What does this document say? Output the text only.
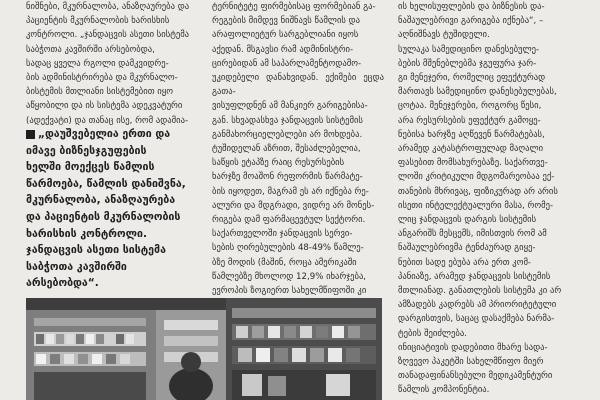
ნიშნები, მკურნალობა, ანაზღაურება და

პაციენტის მკურნალობის ხარისხის

კონტროლი. „ჯანდაცვის ასეთი სისტემა

საბჭოთა კავშირში არსებობდა,

სადაც ყველა რგოლი დამკვიდრე-

ბის ადმინისტრირება და მკურნალო-

ბისტემის მთლიანი სისტემებით იყო

აწყობილი და ის სისტემა ადეკვატური

(ადექვატი) და თანაც ისე, რომ ადამია-

„დაუშვებელია ერთი და
იმავე ბიზნესჯგუფების
ხელში მოექცეს წამლის
წარმოება, წამლის დანიშვნა,
მკურნალობა, ანაზღაურება
და პაციენტის მკურნალობის
ხარისხის კონტროლი.
ჯანდაცვის ასეთი სისტემა
საბჭოთა კავშირში
არსებობდა“.

ტერნიტეტე ფირმებისაც ფორმებიან გა-

რეგების მიმდევ ნიშნავს წამლის და

არაფოლიეტურ სარგებლიანი იყოს

აქედან. მსგავსი რამ ადმინისტრი-

ცირებიდან ამ საპარლამენტოდამო-

უკიდებელი დანახვიდან. ექიმები ეცდა გათა-

ვისუფლდნენ ამ მანკიერ გარიგებისა-

გან. სხვადასხვა ჯანდაცვის სისტემის

განმახორციელებლები არ მოხდება.

ტუშიდელან აზრით, შესაძლებელია,

საწყის ეტაპზე რაიც რესურსების

ხარჯზე მოაშონ რეფორმის წარმატე-

ბის იყოდეთ, მაგრამ ეს არ იქნება რე-

ალური და მდგრადი, ვიდრე არ მონეს-

რიგება დამ ფარმაცევტულ სექტორი.

საქართველოში ჯანდაცვის სერვი-

სების ღირებულების 48-49% წამლე-

ბზე მოდის (მაშინ, როცა ამერიკაში

წამლებზე მხოლოდ 12,9% იხარჯება,

ევროპის ზოგიერთ სახელმწიფოში კი

ის ხელისუფლების და ბიზნესის და-

ნაშაულებრივი გარიგება იქნება“, –

აღნიშნავს ტუშიდელი.

სულაკა სამედიცინო დანესებულე-

ბების მშენებლებმა ჯგუფურა ჯარ-

გი მენეჯერი, რომელიც ეფექტურად

მართავს სამედიცინო დანესებულებას,

ცოტაა. მენეჯერები, როგორც წესი,

არა რესურსების ეფექტურ გამოყე-

ნებისა ხარჯზე აღწევენ წარმატებას,

არამედ კატასტროფულად მაღალი

ფასებით მომსახურებაზე. საქართვე-

ლოში კრიტიკული მდგომარეობაა ექ-

თანების მხრივაც, ფიზიკურად არ არის

ისეთი ინტელექტუალური მასა, რომე-

ლიც ჯანდაცვის დარგის სისტემის

ანგარიშს მესცემს, იმისთვის რომ ამ

ნაშაულებრივმა ტენძაურად გიყე-

ნებით სადე ებუბა არა ერთ კომ-

პანიაზე, არამედ ჯანდაცვის სისტემის

მთლიანად. განათლების სისტემა კი არ

ამზადებს კადრებს ამ პრიორიტეტული

დარგისთვის, საცაც დასაქმება ნარმა-

ტების შეიძლება.

ინიციატივის დადებითი მხარე სადა-

ზღვევო პაკეტში სახელმწიფო მიერ

თანადაფინანსებული მედიკამენტური

წამლის კომპონენტია.
